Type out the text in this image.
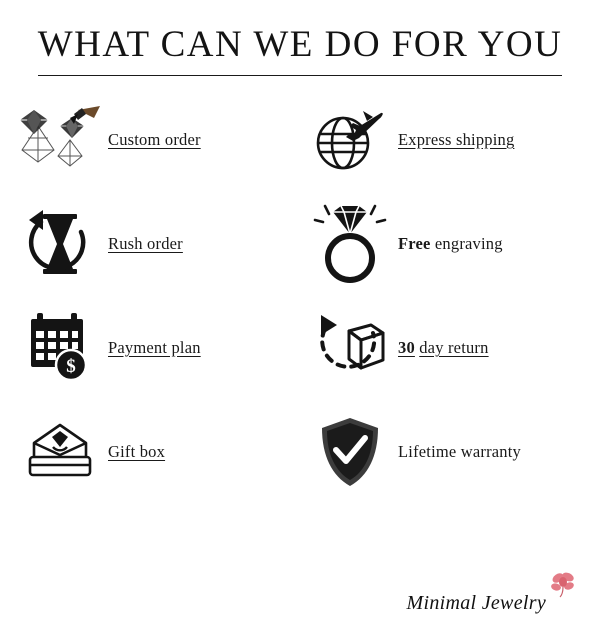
WHAT CAN WE DO FOR YOU
Custom order	Express shipping
Rush order	Free engraving
$
Payment plan	30 day return
Gift box	Lifetime warranty
Minimal Jewelry
